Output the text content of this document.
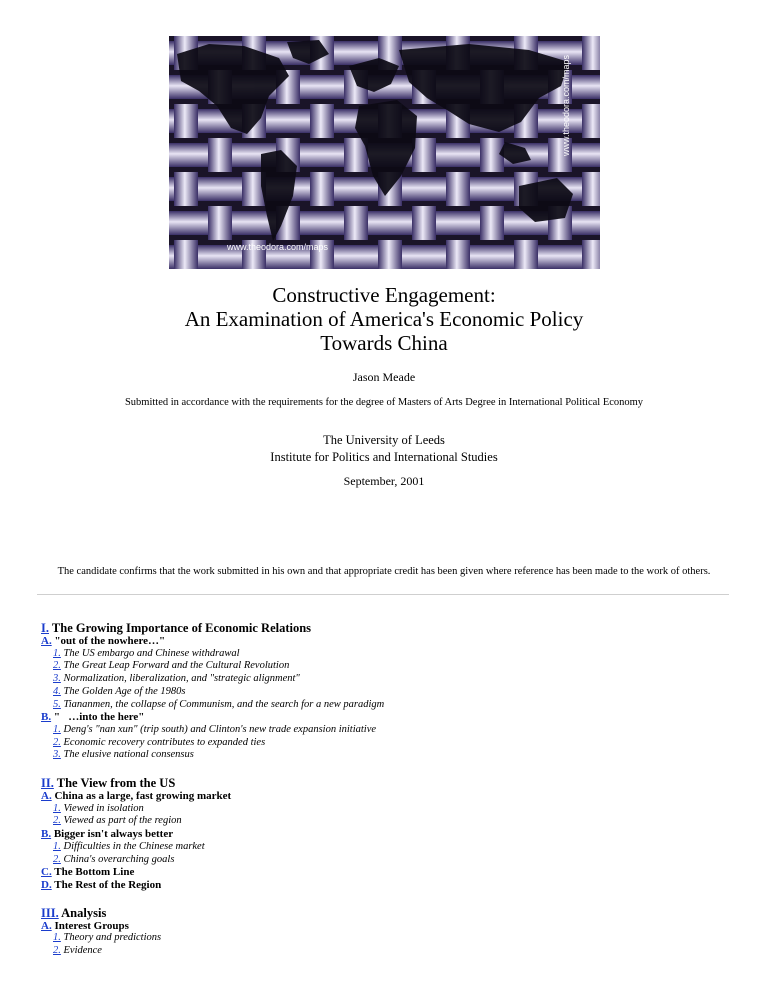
www.theodora.com/maps
www.theodora.com/maps
Constructive Engagement:
An Examination of America's Economic Policy
Towards China
Jason Meade
Submitted in accordance with the requirements for the degree of Masters of Arts Degree in International Political Economy
The University of Leeds
Institute for Politics and International Studies
September, 2001
The candidate confirms that the work submitted in his own and that appropriate credit has been given where reference has been made to the work of others.
I. The Growing Importance of Economic Relations
A. "out of the nowhere…"
1. The US embargo and Chinese withdrawal
2. The Great Leap Forward and the Cultural Revolution
3. Normalization, liberalization, and "strategic alignment"
4. The Golden Age of the 1980s
5. Tiananmen, the collapse of Communism, and the search for a new paradigm
B. "   …into the here"
1. Deng's "nan xun" (trip south) and Clinton's new trade expansion initiative
2. Economic recovery contributes to expanded ties
3. The elusive national consensus
II. The View from the US
A. China as a large, fast growing market
1. Viewed in isolation
2. Viewed as part of the region
B. Bigger isn't always better
1. Difficulties in the Chinese market
2. China's overarching goals
C. The Bottom Line
D. The Rest of the Region
III. Analysis
A. Interest Groups
1. Theory and predictions
2. Evidence
